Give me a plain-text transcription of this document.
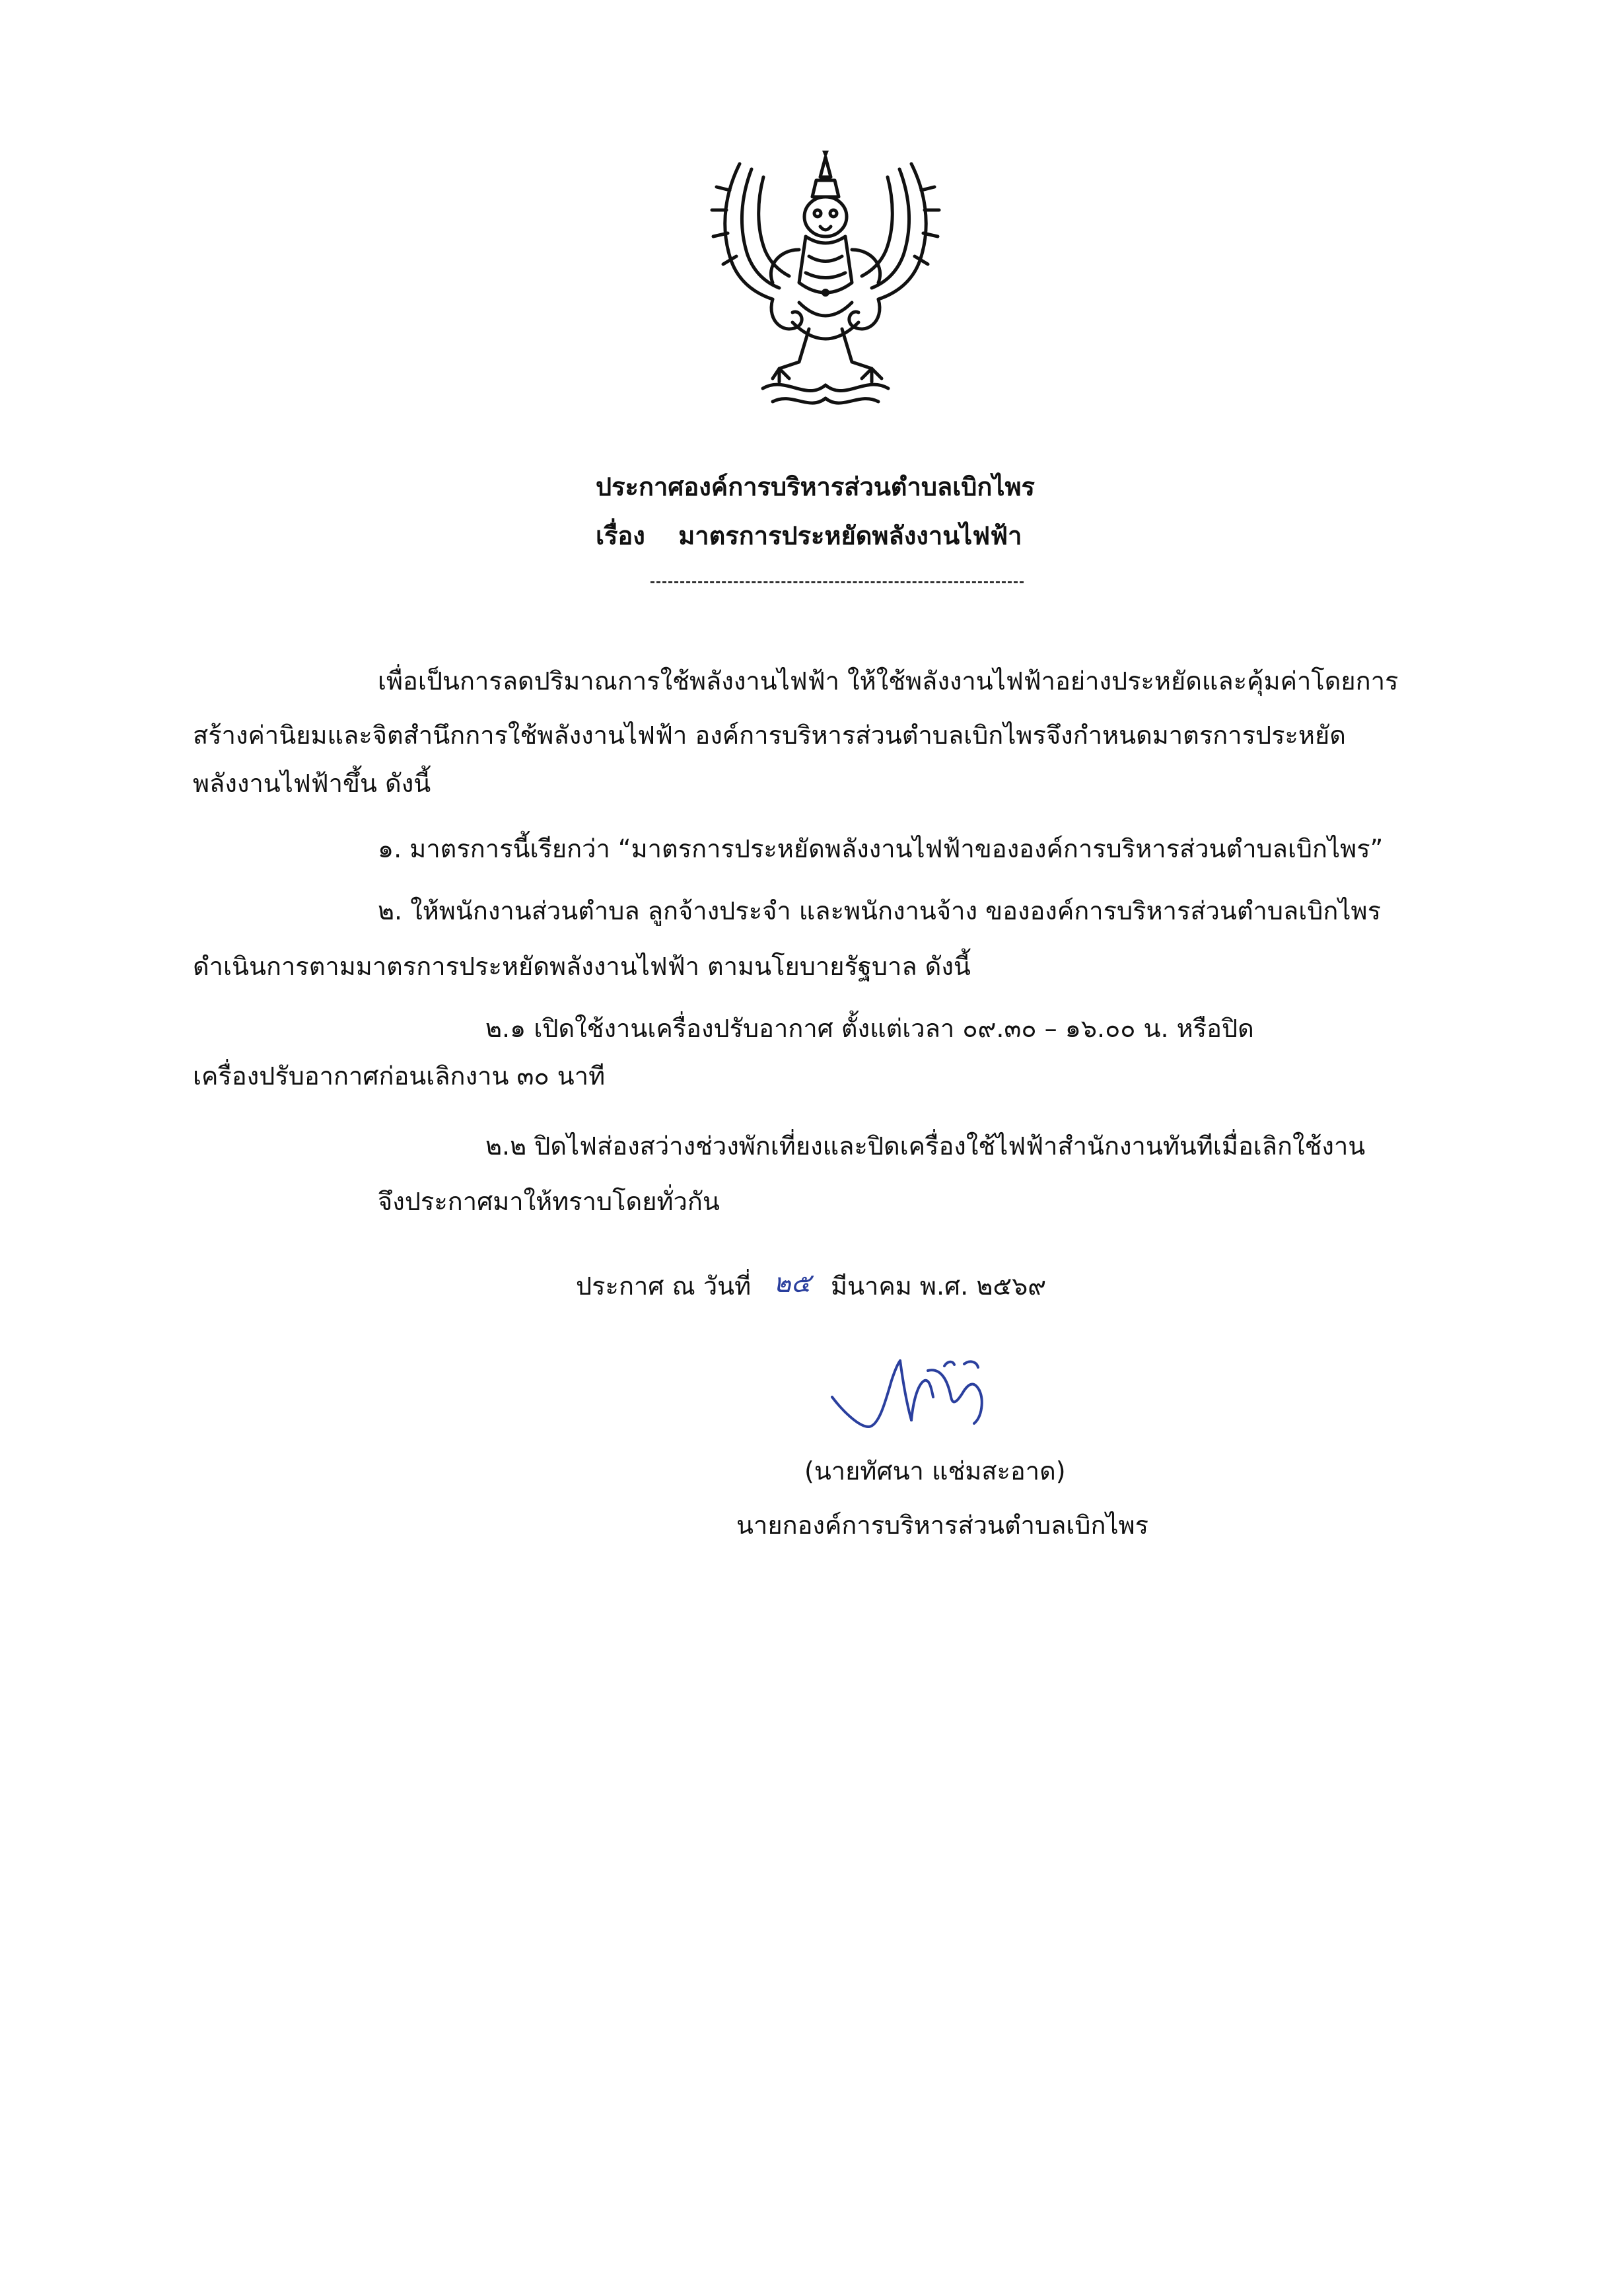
ประกาศองค์การบริหารส่วนตำบลเบิกไพร
เรื่อง มาตรการประหยัดพลังงานไฟฟ้า
เพื่อเป็นการลดปริมาณการใช้พลังงานไฟฟ้า ให้ใช้พลังงานไฟฟ้าอย่างประหยัดและคุ้มค่าโดยการ
สร้างค่านิยมและจิตสำนึกการใช้พลังงานไฟฟ้า องค์การบริหารส่วนตำบลเบิกไพรจึงกำหนดมาตรการประหยัด
พลังงานไฟฟ้าขึ้น ดังนี้
๑. มาตรการนี้เรียกว่า “มาตรการประหยัดพลังงานไฟฟ้าขององค์การบริหารส่วนตำบลเบิกไพร”
๒. ให้พนักงานส่วนตำบล ลูกจ้างประจำ และพนักงานจ้าง ขององค์การบริหารส่วนตำบลเบิกไพร
ดำเนินการตามมาตรการประหยัดพลังงานไฟฟ้า ตามนโยบายรัฐบาล ดังนี้
๒.๑ เปิดใช้งานเครื่องปรับอากาศ ตั้งแต่เวลา ๐๙.๓๐ – ๑๖.๐๐ น. หรือปิด
เครื่องปรับอากาศก่อนเลิกงาน ๓๐ นาที
๒.๒ ปิดไฟส่องสว่างช่วงพักเที่ยงและปิดเครื่องใช้ไฟฟ้าสำนักงานทันทีเมื่อเลิกใช้งาน
จึงประกาศมาให้ทราบโดยทั่วกัน
ประกาศ ณ วันที่ ๒๕ มีนาคม พ.ศ. ๒๕๖๙
(นายทัศนา แช่มสะอาด)
นายกองค์การบริหารส่วนตำบลเบิกไพร
